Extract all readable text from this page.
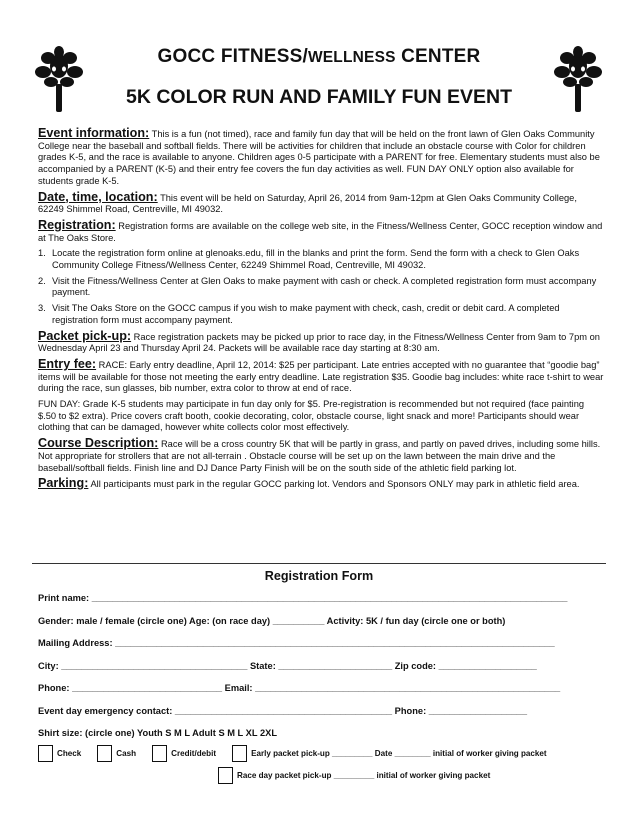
GOCC FITNESS/WELLNESS CENTER
5K COLOR RUN AND FAMILY FUN EVENT

Event information: This is a fun (not timed), race and family fun day that will be held on the front lawn of Glen Oaks Community College near the baseball and softball fields. There will be activities for children that include an obstacle course with Color for children grades K-5, and the race is available to anyone. Children ages 0-5 participate with a PARENT for free. Elementary students must also be accompanied by a PARENT (K-5) and their entry fee covers the fun day activities as well. FUN DAY ONLY option also available for students grade K-5.

Date, time, location: This event will be held on Saturday, April 26, 2014 from 9am-12pm at Glen Oaks Community College, 62249 Shimmel Road, Centreville, MI 49032.

Registration: Registration forms are available on the college web site, in the Fitness/Wellness Center, GOCC reception window and at The Oaks Store.

1. Locate the registration form online at glenoaks.edu, fill in the blanks and print the form. Send the form with a check to Glen Oaks Community College Fitness/Wellness Center, 62249 Shimmel Road, Centreville, MI 49032.
2. Visit the Fitness/Wellness Center at Glen Oaks to make payment with cash or check. A completed registration form must accompany payment.
3. Visit The Oaks Store on the GOCC campus if you wish to make payment with check, cash, credit or debit card. A completed registration form must accompany payment.

Packet pick-up: Race registration packets may be picked up prior to race day, in the Fitness/Wellness Center from 9am to 7pm on Wednesday April 23 and Thursday April 24. Packets will be available race day starting at 8:30 am.

Entry fee: RACE: Early entry deadline, April 12, 2014: $25 per participant. Late entries accepted with no guarantee that “goodie bag” items will be available for those not meeting the early entry deadline. Late registration $35. Goodie bag includes: white race t-shirt to wear during the race, sun glasses, bib number, extra color to throw at end of race.

FUN DAY: Grade K-5 students may participate in fun day only for $5. Pre-registration is recommended but not required (face painting $.50 to $2 extra). Price covers craft booth, cookie decorating, color, obstacle course, light snack and more! Participants should wear clothing that can be damaged, however white collects color most effectively.

Course Description: Race will be a cross country 5K that will be partly in grass, and partly on paved drives, including some hills. Not appropriate for strollers that are not all-terrain . Obstacle course will be set up on the lawn between the main drive and the baseball/softball fields. Finish line and DJ Dance Party Finish will be on the south side of the athletic field parking lot.

Parking: All participants must park in the regular GOCC parking lot. Vendors and Sponsors ONLY may park in athletic field area.

Registration Form
Print name: ____________________________________________________________________________________________
Gender: male / female (circle one) Age: (on race day) __________ Activity: 5K / fun day (circle one or both)
Mailing Address: _____________________________________________________________________________________
City: ____________________________________ State: ______________________ Zip code: ___________________
Phone: _____________________________ Email: ___________________________________________________________
Event day emergency contact: __________________________________________ Phone: ___________________
Shirt size: (circle one) Youth S M L Adult S M L XL 2XL
Check	Cash	Credit/debit	Early packet pick-up _________ Date ________ initial of worker giving packet
Race day packet pick-up _________ initial of worker giving packet
